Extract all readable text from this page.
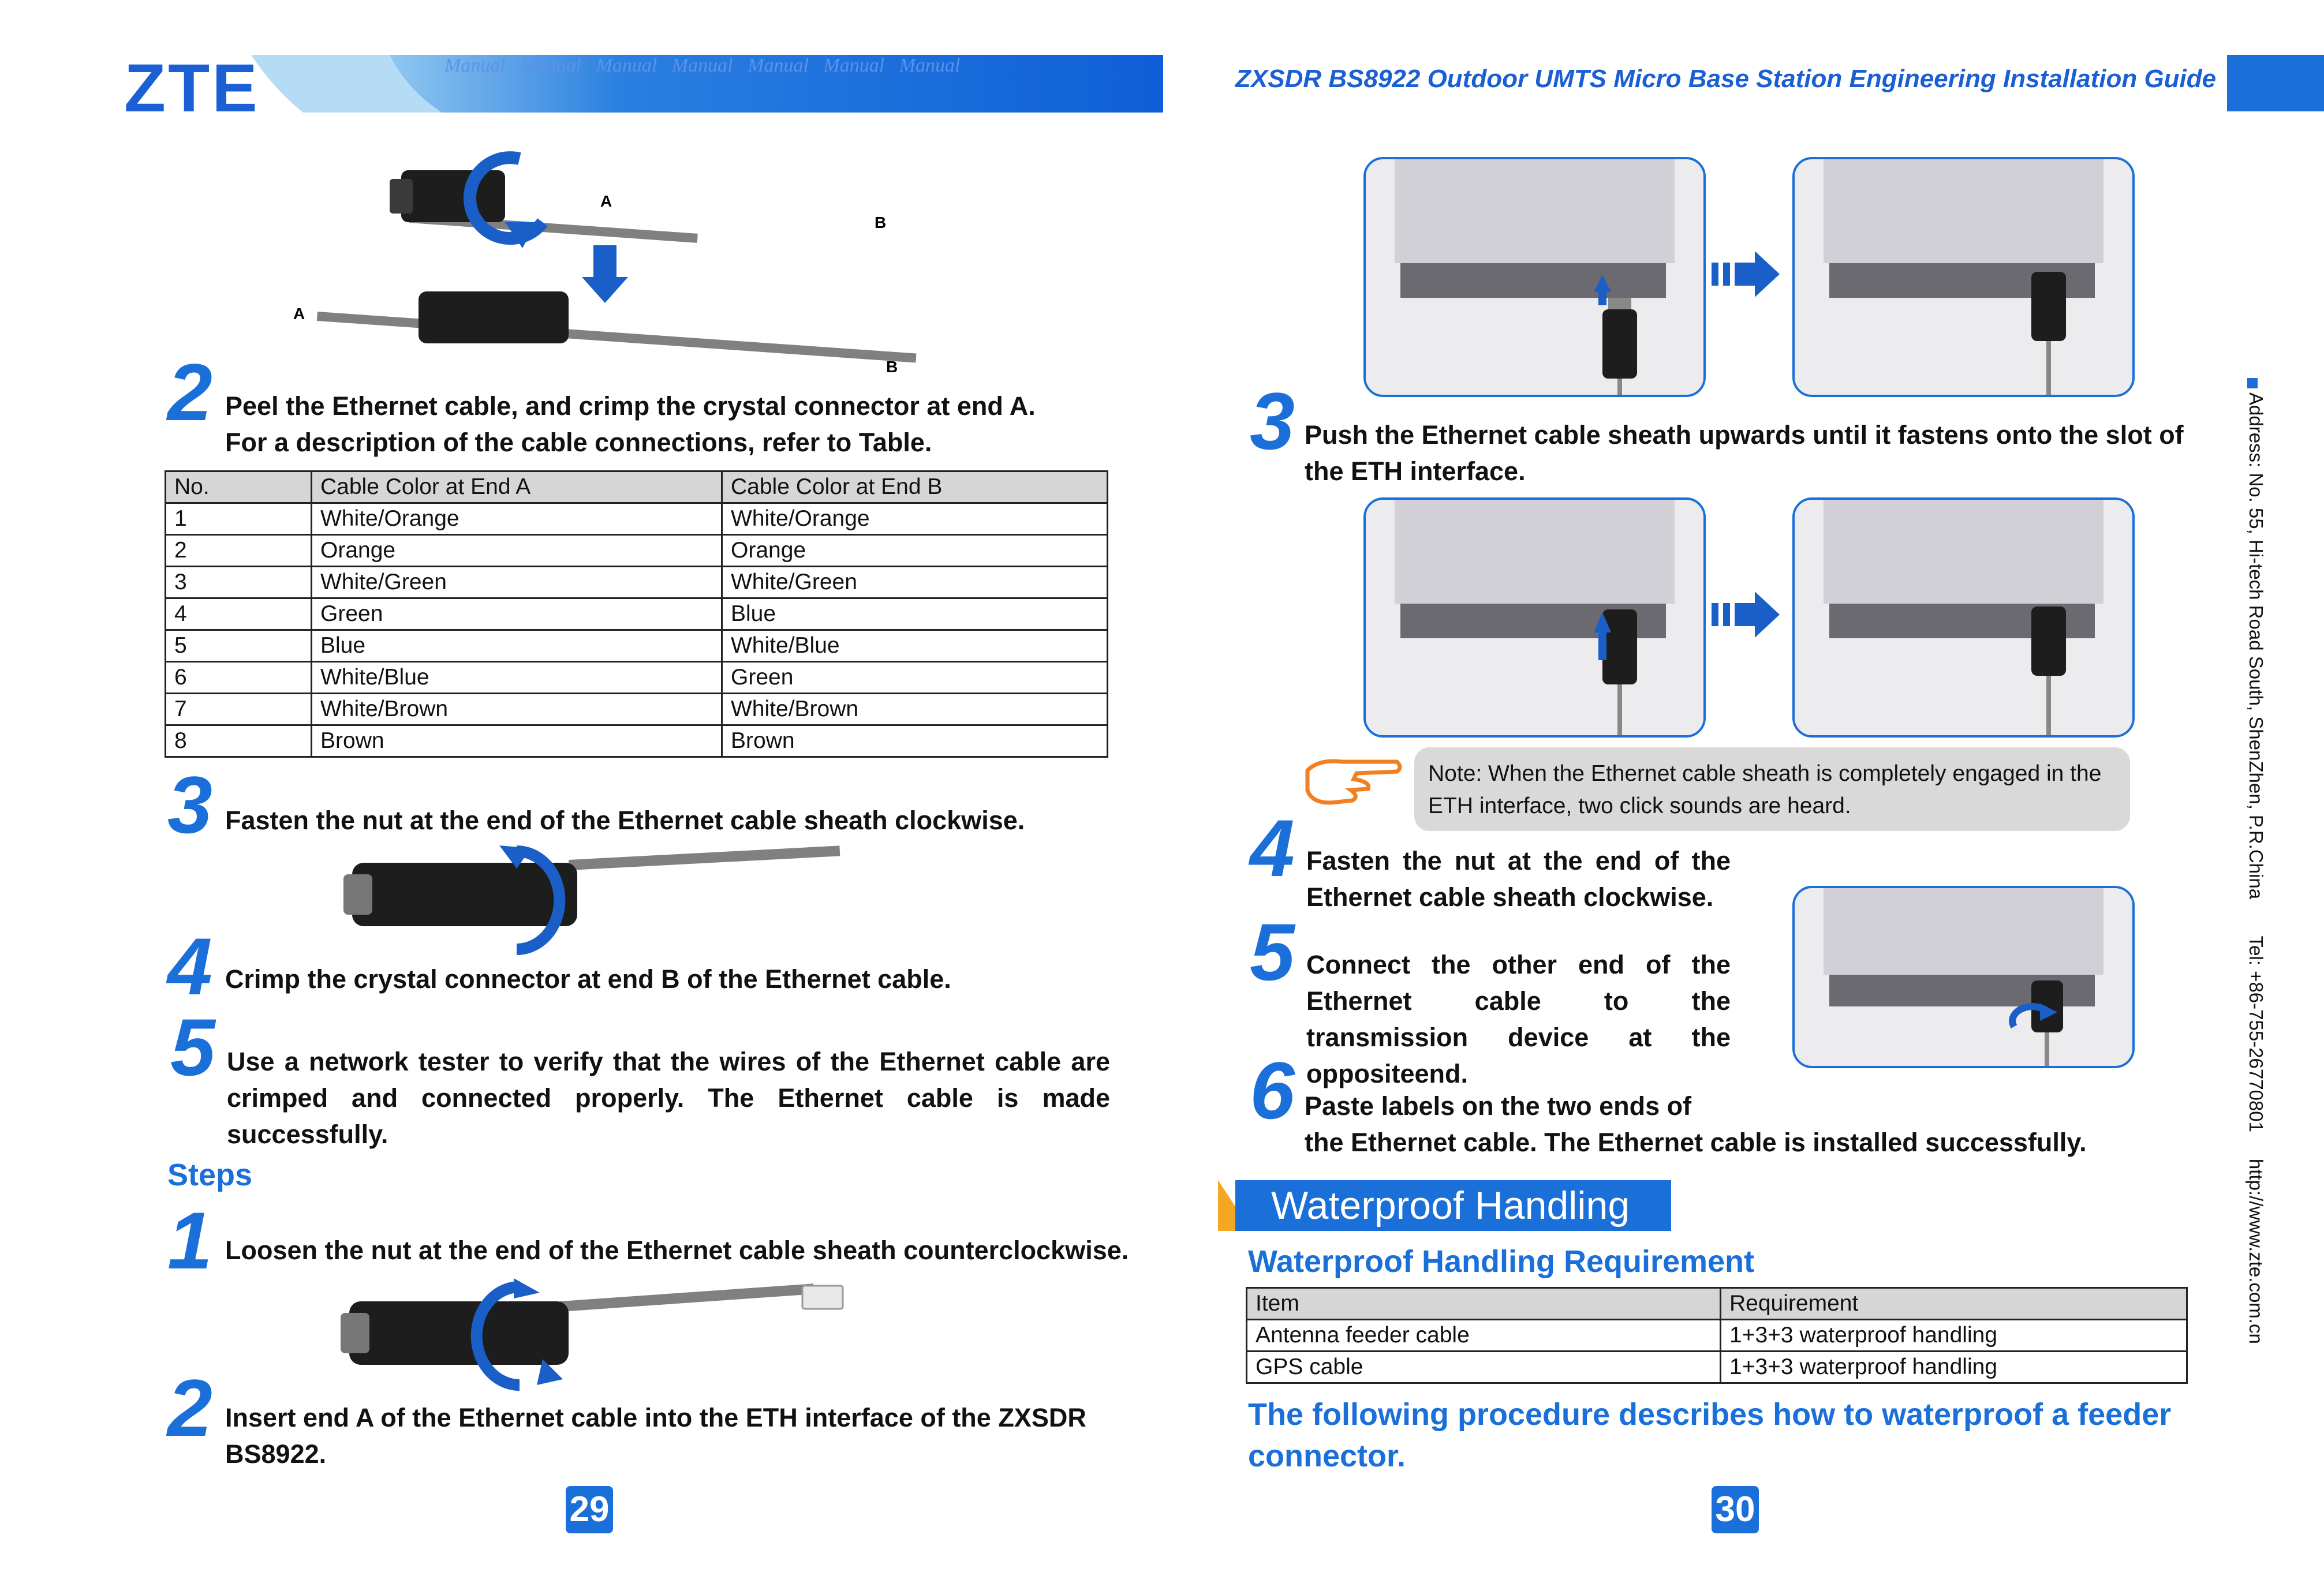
ZTE	Manual Manual Manual Manual Manual Manual Manual	ZXSDR BS8922 Outdoor UMTS Micro Base Station Engineering Installation Guide
A
B
A
B
2 Peel the Ethernet cable, and crimp the crystal connector at end A.
For a description of the cable connections, refer to Table.
No.	Cable Color at End A	Cable Color at End B
1	White/Orange	White/Orange
2	Orange	Orange
3	White/Green	White/Green
4	Green	Blue
5	Blue	White/Blue
6	White/Blue	Green
7	White/Brown	White/Brown
8	Brown	Brown
3 Fasten the nut at the end of the Ethernet cable sheath clockwise.
4 Crimp the crystal connector at end B of the Ethernet cable.
5 Use a network tester to verify that the wires of the Ethernet cable are crimped and connected properly. The Ethernet cable is made successfully.
Steps
1 Loosen the nut at the end of the Ethernet cable sheath counterclockwise.
2 Insert end A of the Ethernet cable into the ETH interface of the ZXSDR BS8922.
29
3 Push the Ethernet cable sheath upwards until it fastens onto the slot of the ETH interface.
Note: When the Ethernet cable sheath is completely engaged in the ETH interface, two click sounds are heard.
4 Fasten the nut at the end of the Ethernet cable sheath clockwise.
5 Connect the other end of the Ethernet cable to the transmission device at the oppositeend.
6 Paste labels on the two ends of
the Ethernet cable. The Ethernet cable is installed successfully.
Waterproof Handling
Waterproof Handling Requirement
Item	Requirement
Antenna feeder cable	1+3+3 waterproof handling
GPS cable	1+3+3 waterproof handling
The following procedure describes how to waterproof a feeder connector.
30
Address: No. 55, Hi-tech Road South, ShenZhen, P.R.China       Tel: +86-755-26770801     http://www.zte.com.cn
